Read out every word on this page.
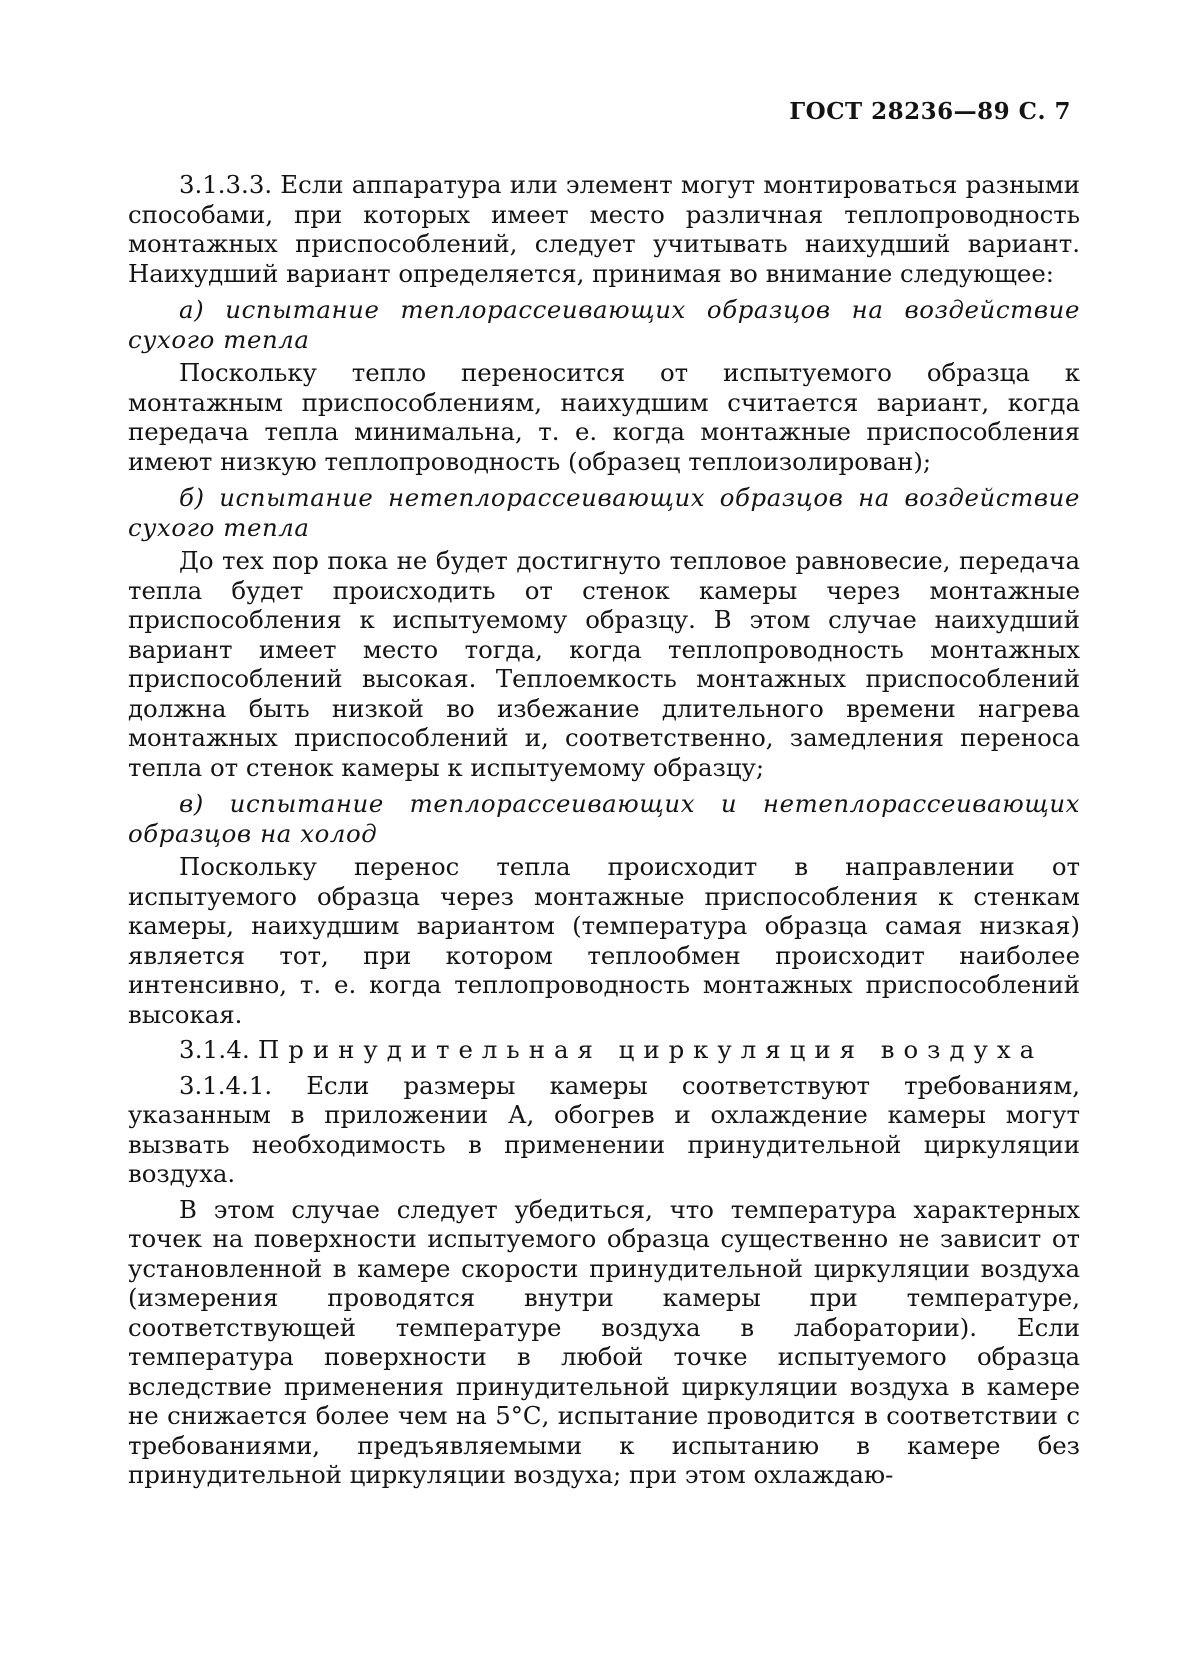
ГОСТ 28236—89 С. 7

3.1.3.3. Если аппаратура или элемент могут монтироваться разными способами, при которых имеет место различная теплопроводность монтажных приспособлений, следует учитывать наихудший вариант. Наихудший вариант определяется, принимая во внимание следующее:

а) испытание теплорассеивающих образцов на воздействие сухого тепла

Поскольку тепло переносится от испытуемого образца к монтажным приспособлениям, наихудшим считается вариант, когда передача тепла минимальна, т. е. когда монтажные приспособления имеют низкую теплопроводность (образец теплоизолирован);

б) испытание нетеплорассеивающих образцов на воздействие сухого тепла

До тех пор пока не будет достигнуто тепловое равновесие, передача тепла будет происходить от стенок камеры через монтажные приспособления к испытуемому образцу. В этом случае наихудший вариант имеет место тогда, когда теплопроводность монтажных приспособлений высокая. Теплоемкость монтажных приспособлений должна быть низкой во избежание длительного времени нагрева монтажных приспособлений и, соответственно, замедления переноса тепла от стенок камеры к испытуемому образцу;

в) испытание теплорассеивающих и нетеплорассеивающих образцов на холод

Поскольку перенос тепла происходит в направлении от испытуемого образца через монтажные приспособления к стенкам камеры, наихудшим вариантом (температура образца самая низкая) является тот, при котором теплообмен происходит наиболее интенсивно, т. е. когда теплопроводность монтажных приспособлений высокая.

3.1.4. Принудительная циркуляция воздуха

3.1.4.1. Если размеры камеры соответствуют требованиям, указанным в приложении А, обогрев и охлаждение камеры могут вызвать необходимость в применении принудительной циркуляции воздуха.

В этом случае следует убедиться, что температура характерных точек на поверхности испытуемого образца существенно не зависит от установленной в камере скорости принудительной циркуляции воздуха (измерения проводятся внутри камеры при температуре, соответствующей температуре воздуха в лаборатории). Если температура поверхности в любой точке испытуемого образца вследствие применения принудительной циркуляции воздуха в камере не снижается более чем на 5°С, испытание проводится в соответствии с требованиями, предъявляемыми к испытанию в камере без принудительной циркуляции воздуха; при этом охлаждаю-
